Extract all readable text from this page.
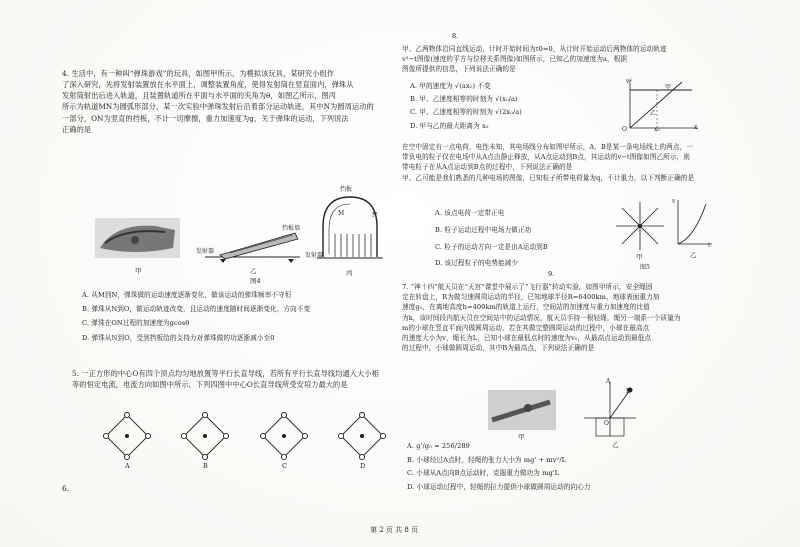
4. 生活中，有一种叫“弹珠游戏”的玩具，如图甲所示，为模拟该玩具，某研究小组作
了深入研究，先将发射装置放在水平面上，调整装置角度，使得发射筒在竖直面内，弹珠从
发射筒射出后进入轨道，且装置轨道所在平面与水平面的夹角为θ，如图乙所示，图丙
所示为轨道MN为圆弧形部分，某一次实验中弹珠发射后沿着部分运动轨迹，其中N为圆周运动的
一部分，ON为竖直的挡板，不计一切摩擦，重力加速度为g，关于弹珠的运动，下列说法
正确的是
甲
挡板墙
发射器
乙
图4
挡板
M	N
发射器
丙
A. 从M到N，弹珠做的运动速度逐渐变化，做该运动的弹珠频率不守恒
B. 弹珠从N到O，做运动轨迹改变，且运动的速度随时间逐渐变化，方向不变
C. 弹珠在ON过程的加速度为gcosθ
D. 弹珠从N到O，受到挡板给的支持力对弹珠做的功逐渐减小至0
5. 一正方形的中心O有四个顶点均匀地放置等平行长直导线，若所有平行长直导线均通入大小相
等的恒定电流，电流方向如图中所示，下列四图中中心O长直导线所受安培力最大的是
A	B	C	D
6.
8.
甲、乙两物体沿同直线运动，计时开始时间为t0=0，从计时开始运动后两物体的运动轨迹
v²−t图像(速度的平方与位移关系图像)如图所示，已知乙的加速度为a，根据
图像所提供的信息，下列说法正确的是
A. 甲的速度为 √(ax₀) 不变
B. 甲、乙速度相等的时刻为 √(x₀/a)
C. 甲、乙速度相等的时刻为 √(2x₀/a)
D. 甲与乙的最大距离为 x₀
v²
x
O
甲
乙
x₀
在空中固定有一点电荷，电性未知，其电场线分布如图甲所示，A、B是某一条电场线上的两点，一
带负电的粒子仅在电场中从A点由静止释放，从A点运动到B点，其运动的v−t图像如图乙所示，则
带电粒子在从A点运动到B点的过程中，下列说法正确的是
甲、乙可能是我们熟悉的几种电场的图像，已知粒子所带电荷量为q，不计重力，以下判断正确的是
A. 该点电荷一定带正电
B. 粒子运动过程中电场力做正功
C. 粒子的运动方向一定是由A运动到B
D. 该过程粒子的电势能减少
v
t
甲	乙
图5
9.
7. “神十四”航天员在“天宫”课堂中展示了“飞行器”转动实验，如图甲所示，安全绳固
定在转盘上，R为做匀速圆周运动的半径，已知地球半径R=6400km，地球表面重力加
速度g₀，在离地高度h=400km的轨道上运行，空间站的加速度与重力加速度的比值
为k，该时间段内航天员在空间站中的运动情况，航天员手持一根轻绳，绳另一端系一个质量为
m的小球在竖直平面内做圆周运动，若在其做完整圆周运动的过程中，小球在最高点
的速度大小为v，绳长为L，已知小球在最低点时的速度为v₀，从最高点运动到最低点
的过程中，小球做圆周运动，其中B为最高点，下列说法正确的是
甲
A
B
O
乙
A. g'/g₀ = 256/289
B. 小球经过A点时，轻绳的张力大小为 mg' + mv²/L
C. 小球从A点向B点运动时，克服重力做功为 mg'L
D. 小球运动过程中，轻绳的拉力提供小球做圆周运动的向心力
第 2 页 共 8 页
